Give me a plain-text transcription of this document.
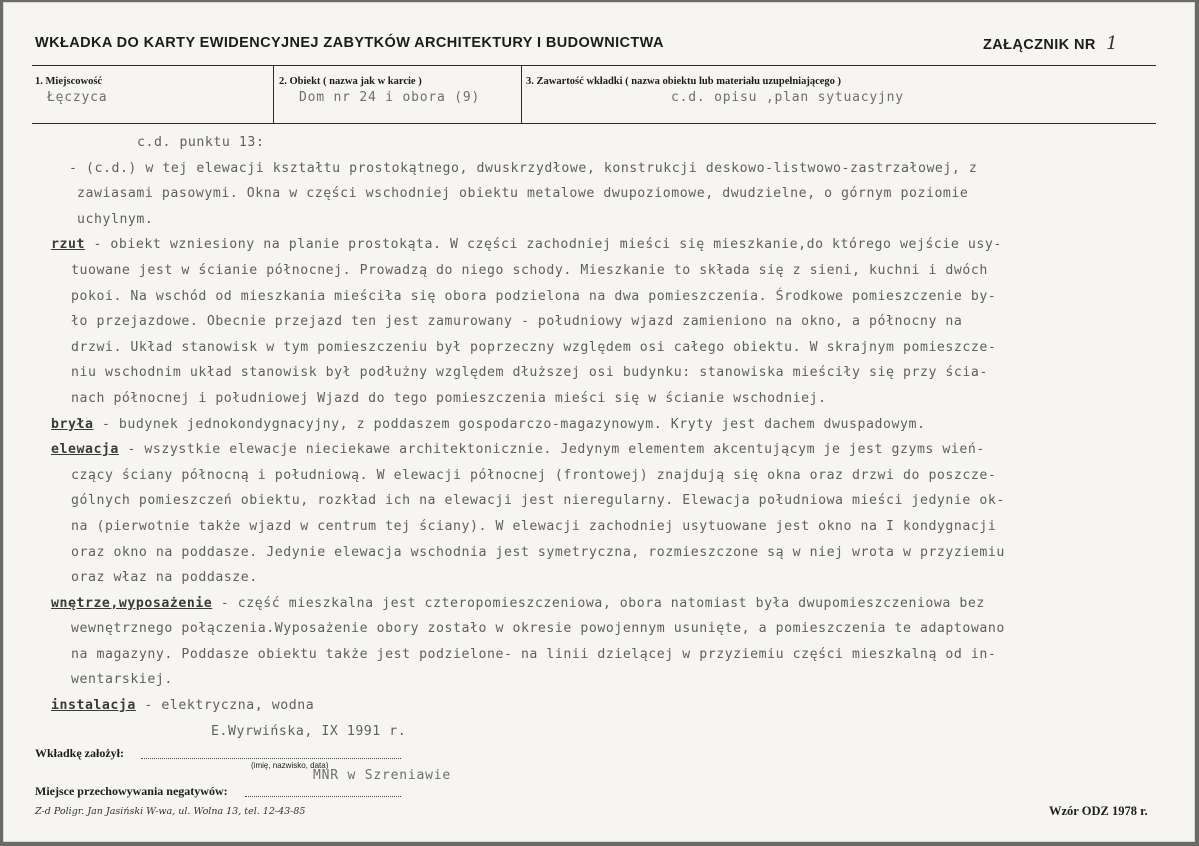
WKŁADKA DO KARTY EWIDENCYJNEJ ZABYTKÓW ARCHITEKTURY I BUDOWNICTWA	ZAŁĄCZNIK NR 1
1. Miejscowość
Łęczyca
2. Obiekt ( nazwa jak w karcie )
Dom nr 24 i obora (9)
3. Zawartość wkładki ( nazwa obiektu lub materiału uzupełniającego )
c.d. opisu ,plan sytuacyjny
c.d. punktu 13:
- (c.d.) w tej elewacji kształtu prostokątnego, dwuskrzydłowe, konstrukcji deskowo-listwowo-zastrzałowej, z
zawiasami pasowymi. Okna w części wschodniej obiektu metalowe dwupoziomowe, dwudzielne, o górnym poziomie
uchylnym.
rzut - obiekt wzniesiony na planie prostokąta. W części zachodniej mieści się mieszkanie,do którego wejście usy-
tuowane jest w ścianie północnej. Prowadzą do niego schody. Mieszkanie to składa się z sieni, kuchni i dwóch
pokoi. Na wschód od mieszkania mieściła się obora podzielona na dwa pomieszczenia. Środkowe pomieszczenie by-
ło przejazdowe. Obecnie przejazd ten jest zamurowany - południowy wjazd zamieniono na okno, a północny na
drzwi. Układ stanowisk w tym pomieszczeniu był poprzeczny względem osi całego obiektu. W skrajnym pomieszcze-
niu wschodnim układ stanowisk był podłużny względem dłuższej osi budynku: stanowiska mieściły się przy ścia-
nach północnej i południowej Wjazd do tego pomieszczenia mieści się w ścianie wschodniej.
bryła - budynek jednokondygnacyjny, z poddaszem gospodarczo-magazynowym. Kryty jest dachem dwuspadowym.
elewacja - wszystkie elewacje nieciekawe architektonicznie. Jedynym elementem akcentującym je jest gzyms wień-
czący ściany północną i południową. W elewacji północnej (frontowej) znajdują się okna oraz drzwi do poszcze-
gólnych pomieszczeń obiektu, rozkład ich na elewacji jest nieregularny. Elewacja południowa mieści jedynie ok-
na (pierwotnie także wjazd w centrum tej ściany). W elewacji zachodniej usytuowane jest okno na I kondygnacji
oraz okno na poddasze. Jedynie elewacja wschodnia jest symetryczna, rozmieszczone są w niej wrota w przyziemiu
oraz właz na poddasze.
wnętrze,wyposażenie - część mieszkalna jest czteropomieszczeniowa, obora natomiast była dwupomieszczeniowa bez
wewnętrznego połączenia.Wyposażenie obory zostało w okresie powojennym usunięte, a pomieszczenia te adaptowano
na magazyny. Poddasze obiektu także jest podzielone- na linii dzielącej w przyziemiu części mieszkalną od in-
wentarskiej.
instalacja - elektryczna, wodna
E.Wyrwińska, IX 1991 r.
Wkładkę założył:
(imię, nazwisko, data)
MNR w Szreniawie
Miejsce przechowywania negatywów:
Z-d Poligr. Jan Jasiński W-wa, ul. Wolna 13, tel. 12-43-85	Wzór ODZ 1978 r.
